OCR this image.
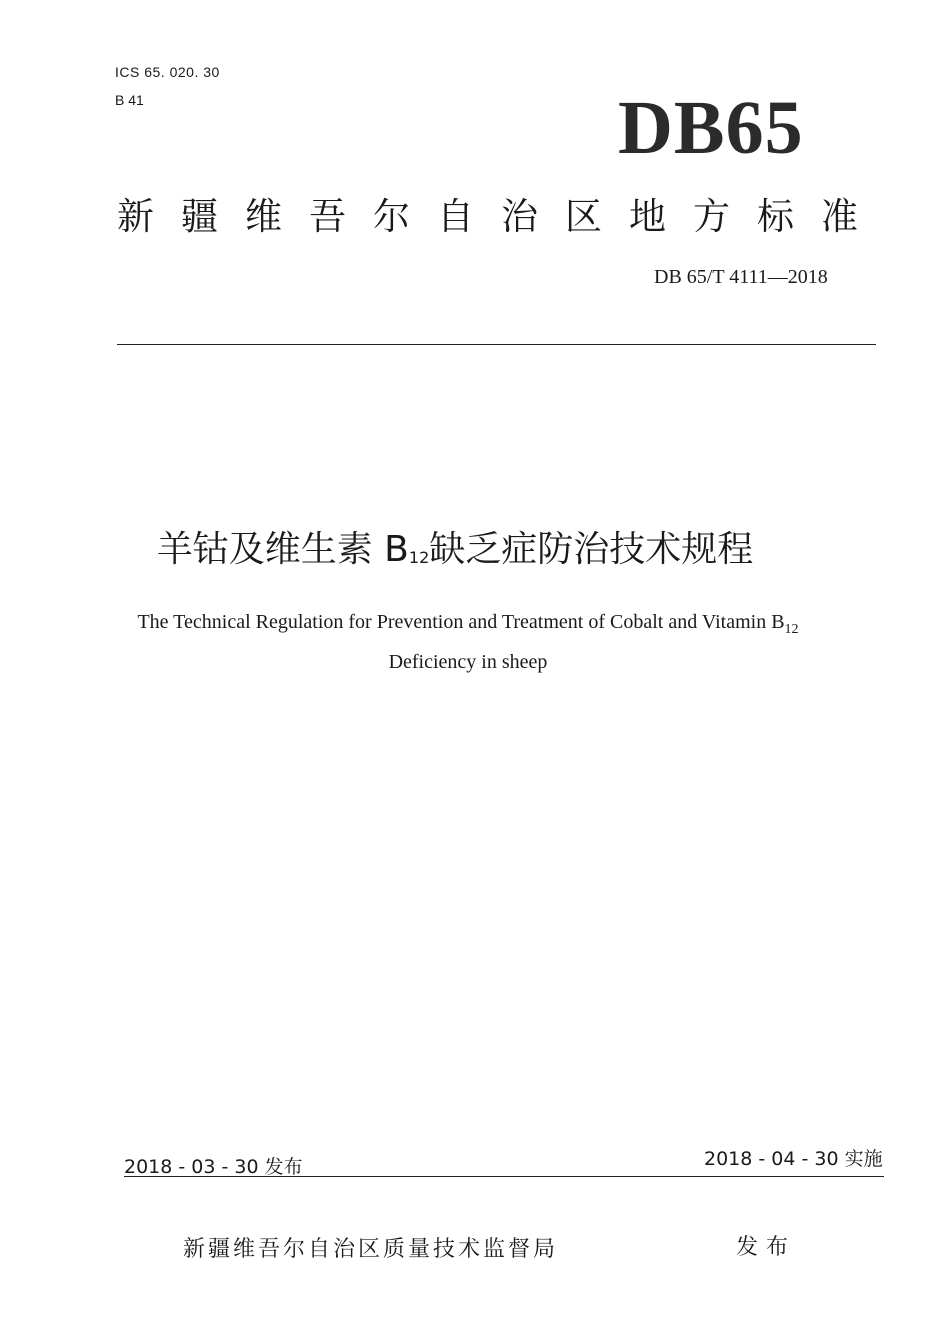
ICS 65. 020. 30
B 41	DB65
新疆维吾尔自治区地方标准
DB 65/T 4111—2018
羊钴及维生素 $B_{12}$缺乏症防治技术规程
The Technical Regulation for Prevention and Treatment of Cobalt and Vitamin $B_{12}$
Deficiency in sheep
2018 - 03 - 30 发布	2018 - 04 - 30 实施
新疆维吾尔自治区质量技术监督局	发布
